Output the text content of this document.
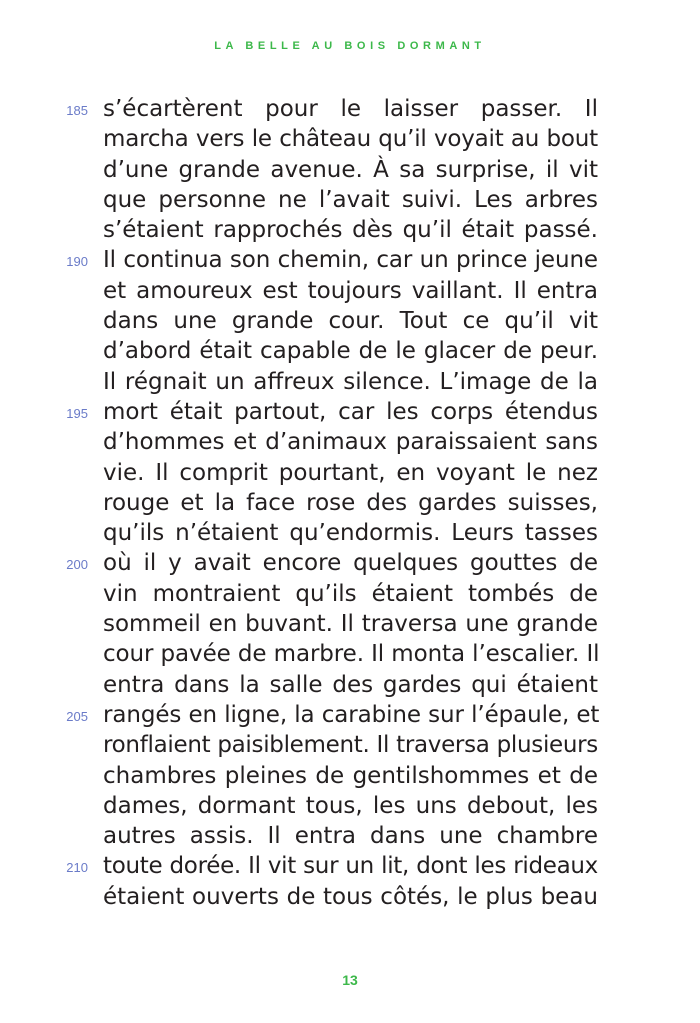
LA BELLE AU BOIS DORMANT
185 s’écartèrent pour le laisser passer. Il
marcha vers le château qu’il voyait au bout
d’une grande avenue. À sa surprise, il vit
que personne ne l’avait suivi. Les arbres
s’étaient rapprochés dès qu’il était passé.
190 Il continua son chemin, car un prince jeune
et amoureux est toujours vaillant. Il entra
dans une grande cour. Tout ce qu’il vit
d’abord était capable de le glacer de peur.
Il régnait un affreux silence. L’image de la
195 mort était partout, car les corps étendus
d’hommes et d’animaux paraissaient sans
vie. Il comprit pourtant, en voyant le nez
rouge et la face rose des gardes suisses,
qu’ils n’étaient qu’endormis. Leurs tasses
200 où il y avait encore quelques gouttes de
vin montraient qu’ils étaient tombés de
sommeil en buvant. Il traversa une grande
cour pavée de marbre. Il monta l’escalier. Il
entra dans la salle des gardes qui étaient
205 rangés en ligne, la carabine sur l’épaule, et
ronflaient paisiblement. Il traversa plusieurs
chambres pleines de gentilshommes et de
dames, dormant tous, les uns debout, les
autres assis. Il entra dans une chambre
210 toute dorée. Il vit sur un lit, dont les rideaux
étaient ouverts de tous côtés, le plus beau
13
